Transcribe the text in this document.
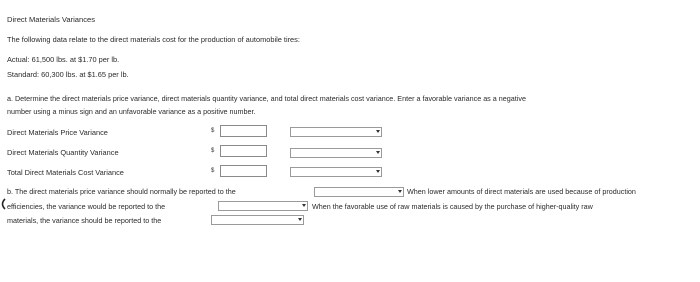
Direct Materials Variances
The following data relate to the direct materials cost for the production of automobile tires:
Actual: 61,500 lbs. at $1.70 per lb.
Standard: 60,300 lbs. at $1.65 per lb.
a. Determine the direct materials price variance, direct materials quantity variance, and total direct materials cost variance. Enter a favorable variance as a negative
number using a minus sign and an unfavorable variance as a positive number.
Direct Materials Price Variance	$
Direct Materials Quantity Variance	$
Total Direct Materials Cost Variance	$
b. The direct materials price variance should normally be reported to the	When lower amounts of direct materials are used because of production
efficiencies, the variance would be reported to the	When the favorable use of raw materials is caused by the purchase of higher-quality raw
materials, the variance should be reported to the
